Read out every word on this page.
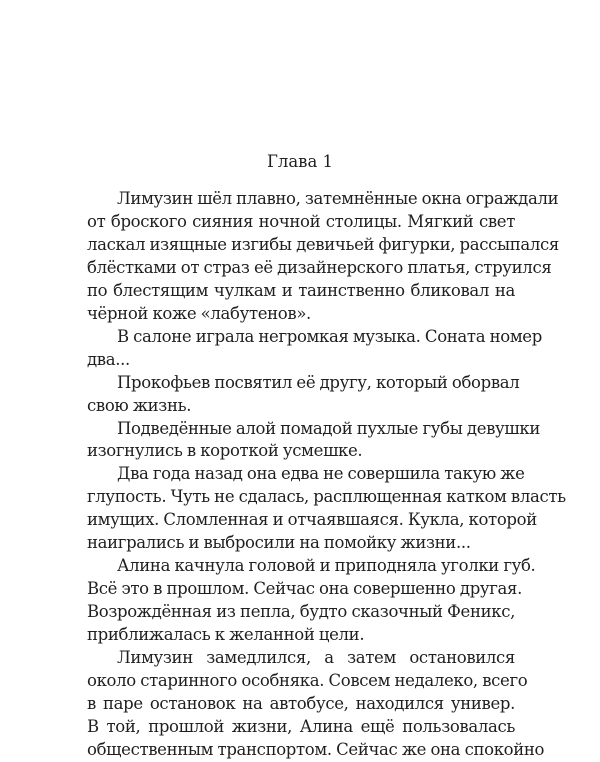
Глава 1

Лимузин шёл плавно, затемнённые окна ограждали
от броского сияния ночной столицы. Мягкий свет
ласкал изящные изгибы девичьей фигурки, рассыпался
блёстками от страз её дизайнерского платья, струился
по блестящим чулкам и таинственно бликовал на
чёрной коже «лабутенов».

В салоне играла негромкая музыка. Соната номер
два...

Прокофьев посвятил её другу, который оборвал
свою жизнь.

Подведённые алой помадой пухлые губы девушки
изогнулись в короткой усмешке.

Два года назад она едва не совершила такую же
глупость. Чуть не сдалась, расплющенная катком власть
имущих. Сломленная и отчаявшаяся. Кукла, которой
наигрались и выбросили на помойку жизни...

Алина качнула головой и приподняла уголки губ.
Всё это в прошлом. Сейчас она совершенно другая.
Возрождённая из пепла, будто сказочный Феникс,
приближалась к желанной цели.

Лимузин замедлился, а затем остановился
около старинного особняка. Совсем недалеко, всего
в паре остановок на автобусе, находился универ.
В той, прошлой жизни, Алина ещё пользовалась
общественным транспортом. Сейчас же она спокойно
